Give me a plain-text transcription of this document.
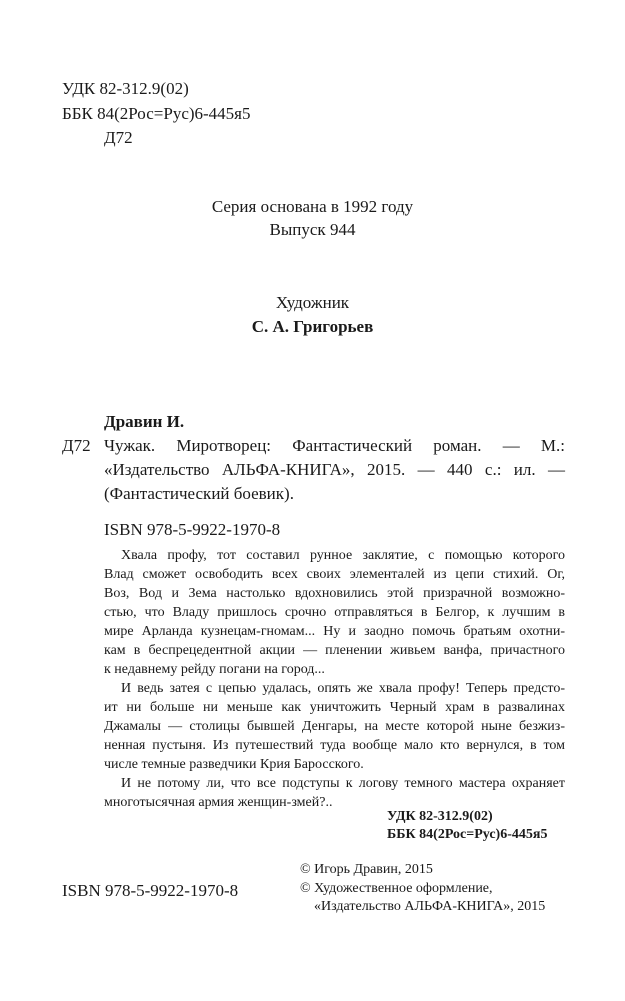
УДК 82-312.9(02)
ББК 84(2Рос=Рус)6-445я5
Д72
Серия основана в 1992 году
Выпуск 944
Художник
С. А. Григорьев
Дравин И.
Д72 Чужак. Миротворец: Фантастический роман. — М.:
«Издательство АЛЬФА-КНИГА», 2015. — 440 с.: ил. —
(Фантастический боевик).
ISBN 978-5-9922-1970-8
Хвала профу, тот составил рунное заклятие, с помощью которого
Влад сможет освободить всех своих элементалей из цепи стихий. Ог,
Воз, Вод и Зема настолько вдохновились этой призрачной возможно-
стью, что Владу пришлось срочно отправляться в Белгор, к лучшим в
мире Арланда кузнецам-гномам... Ну и заодно помочь братьям охотни-
кам в беспрецедентной акции — пленении живьем ванфа, причастного
к недавнему рейду погани на город...
И ведь затея с цепью удалась, опять же хвала профу! Теперь предсто-
ит ни больше ни меньше как уничтожить Черный храм в развалинах
Джамалы — столицы бывшей Денгары, на месте которой ныне безжиз-
ненная пустыня. Из путешествий туда вообще мало кто вернулся, в том
числе темные разведчики Крия Баросского.
И не потому ли, что все подступы к логову темного мастера охраняет
многотысячная армия женщин-змей?..
УДК 82-312.9(02)
ББК 84(2Рос=Рус)6-445я5
© Игорь Дравин, 2015
© Художественное оформление,
«Издательство АЛЬФА-КНИГА», 2015
ISBN 978-5-9922-1970-8
